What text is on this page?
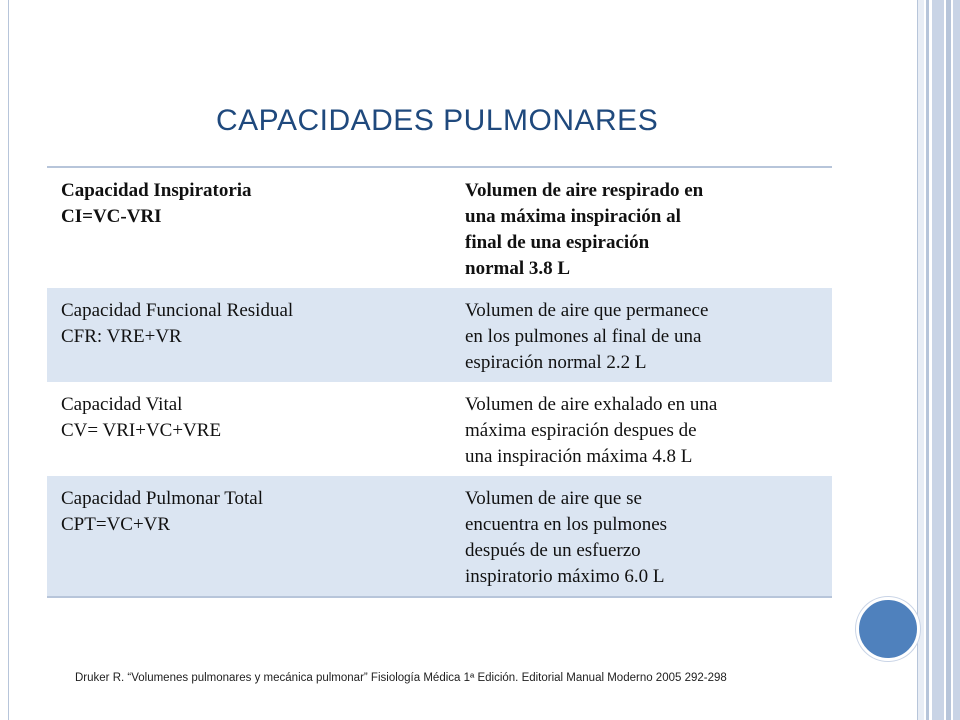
CAPACIDADES PULMONARES
Capacidad Inspiratoria
CI=VC-VRI	Volumen de aire respirado en
una máxima inspiración al
final de una espiración
normal 3.8 L

Capacidad Funcional Residual
CFR: VRE+VR	Volumen de aire que permanece
en los pulmones al final de una
espiración normal 2.2 L

Capacidad Vital
CV= VRI+VC+VRE	Volumen de aire exhalado en una
máxima espiración despues de
una inspiración máxima 4.8 L

Capacidad Pulmonar Total
CPT=VC+VR	Volumen de aire que se
encuentra en los pulmones
después de un esfuerzo
inspiratorio máximo 6.0 L
Druker R. “Volumenes pulmonares y mecánica pulmonar” Fisiología Médica 1ª Edición. Editorial Manual Moderno 2005 292-298
